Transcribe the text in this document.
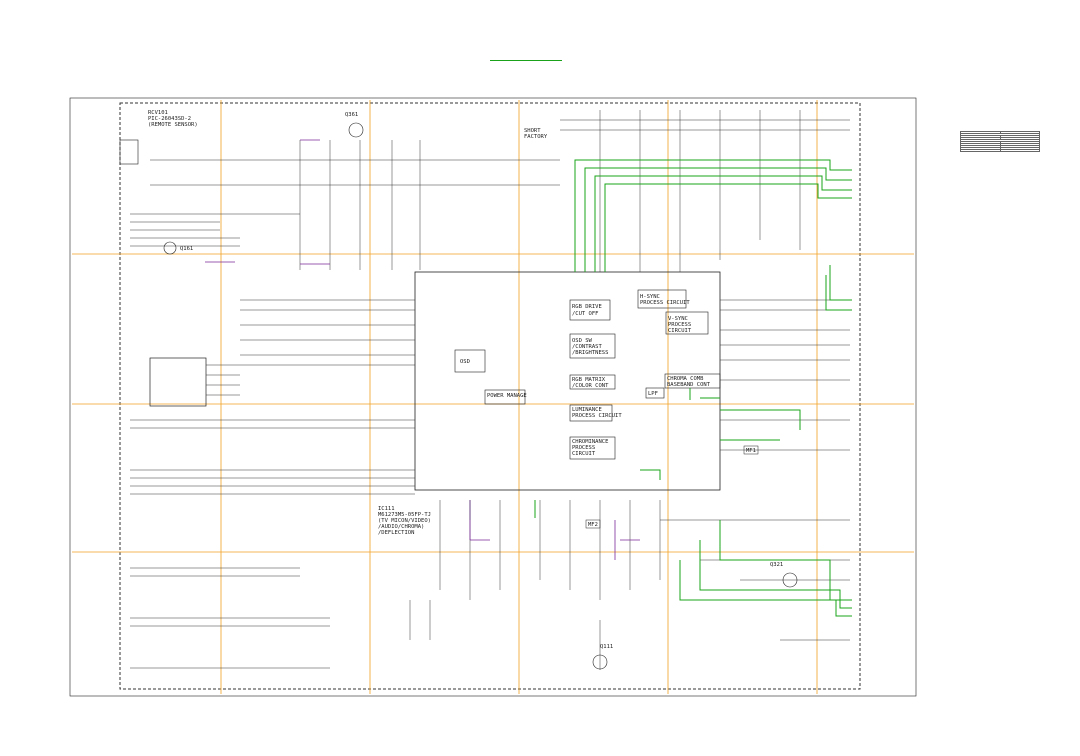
RGB DRIVE
/CUT OFF
H-SYNC
PROCESS CIRCUIT
V-SYNC
PROCESS
CIRCUIT
OSD SW
/CONTRAST
/BRIGHTNESS
RGB MATRIX
/COLOR CONT
CHROMA COMB
BASEBAND CONT
LUMINANCE
PROCESS CIRCUIT
CHROMINANCE
PROCESS
CIRCUIT
POWER MANAGE	LPF
OSD
RCV101
PIC-26043SD-2
(REMOTE SENSOR)
Q361
Q111
Q321
Q161
SHORT
FACTORY
MF2
MF1
IC111
M61273M5-05FP-TJ
(TV MICON/VIDEO)
/AUDIO/CHROMA)
/DEFLECTION
